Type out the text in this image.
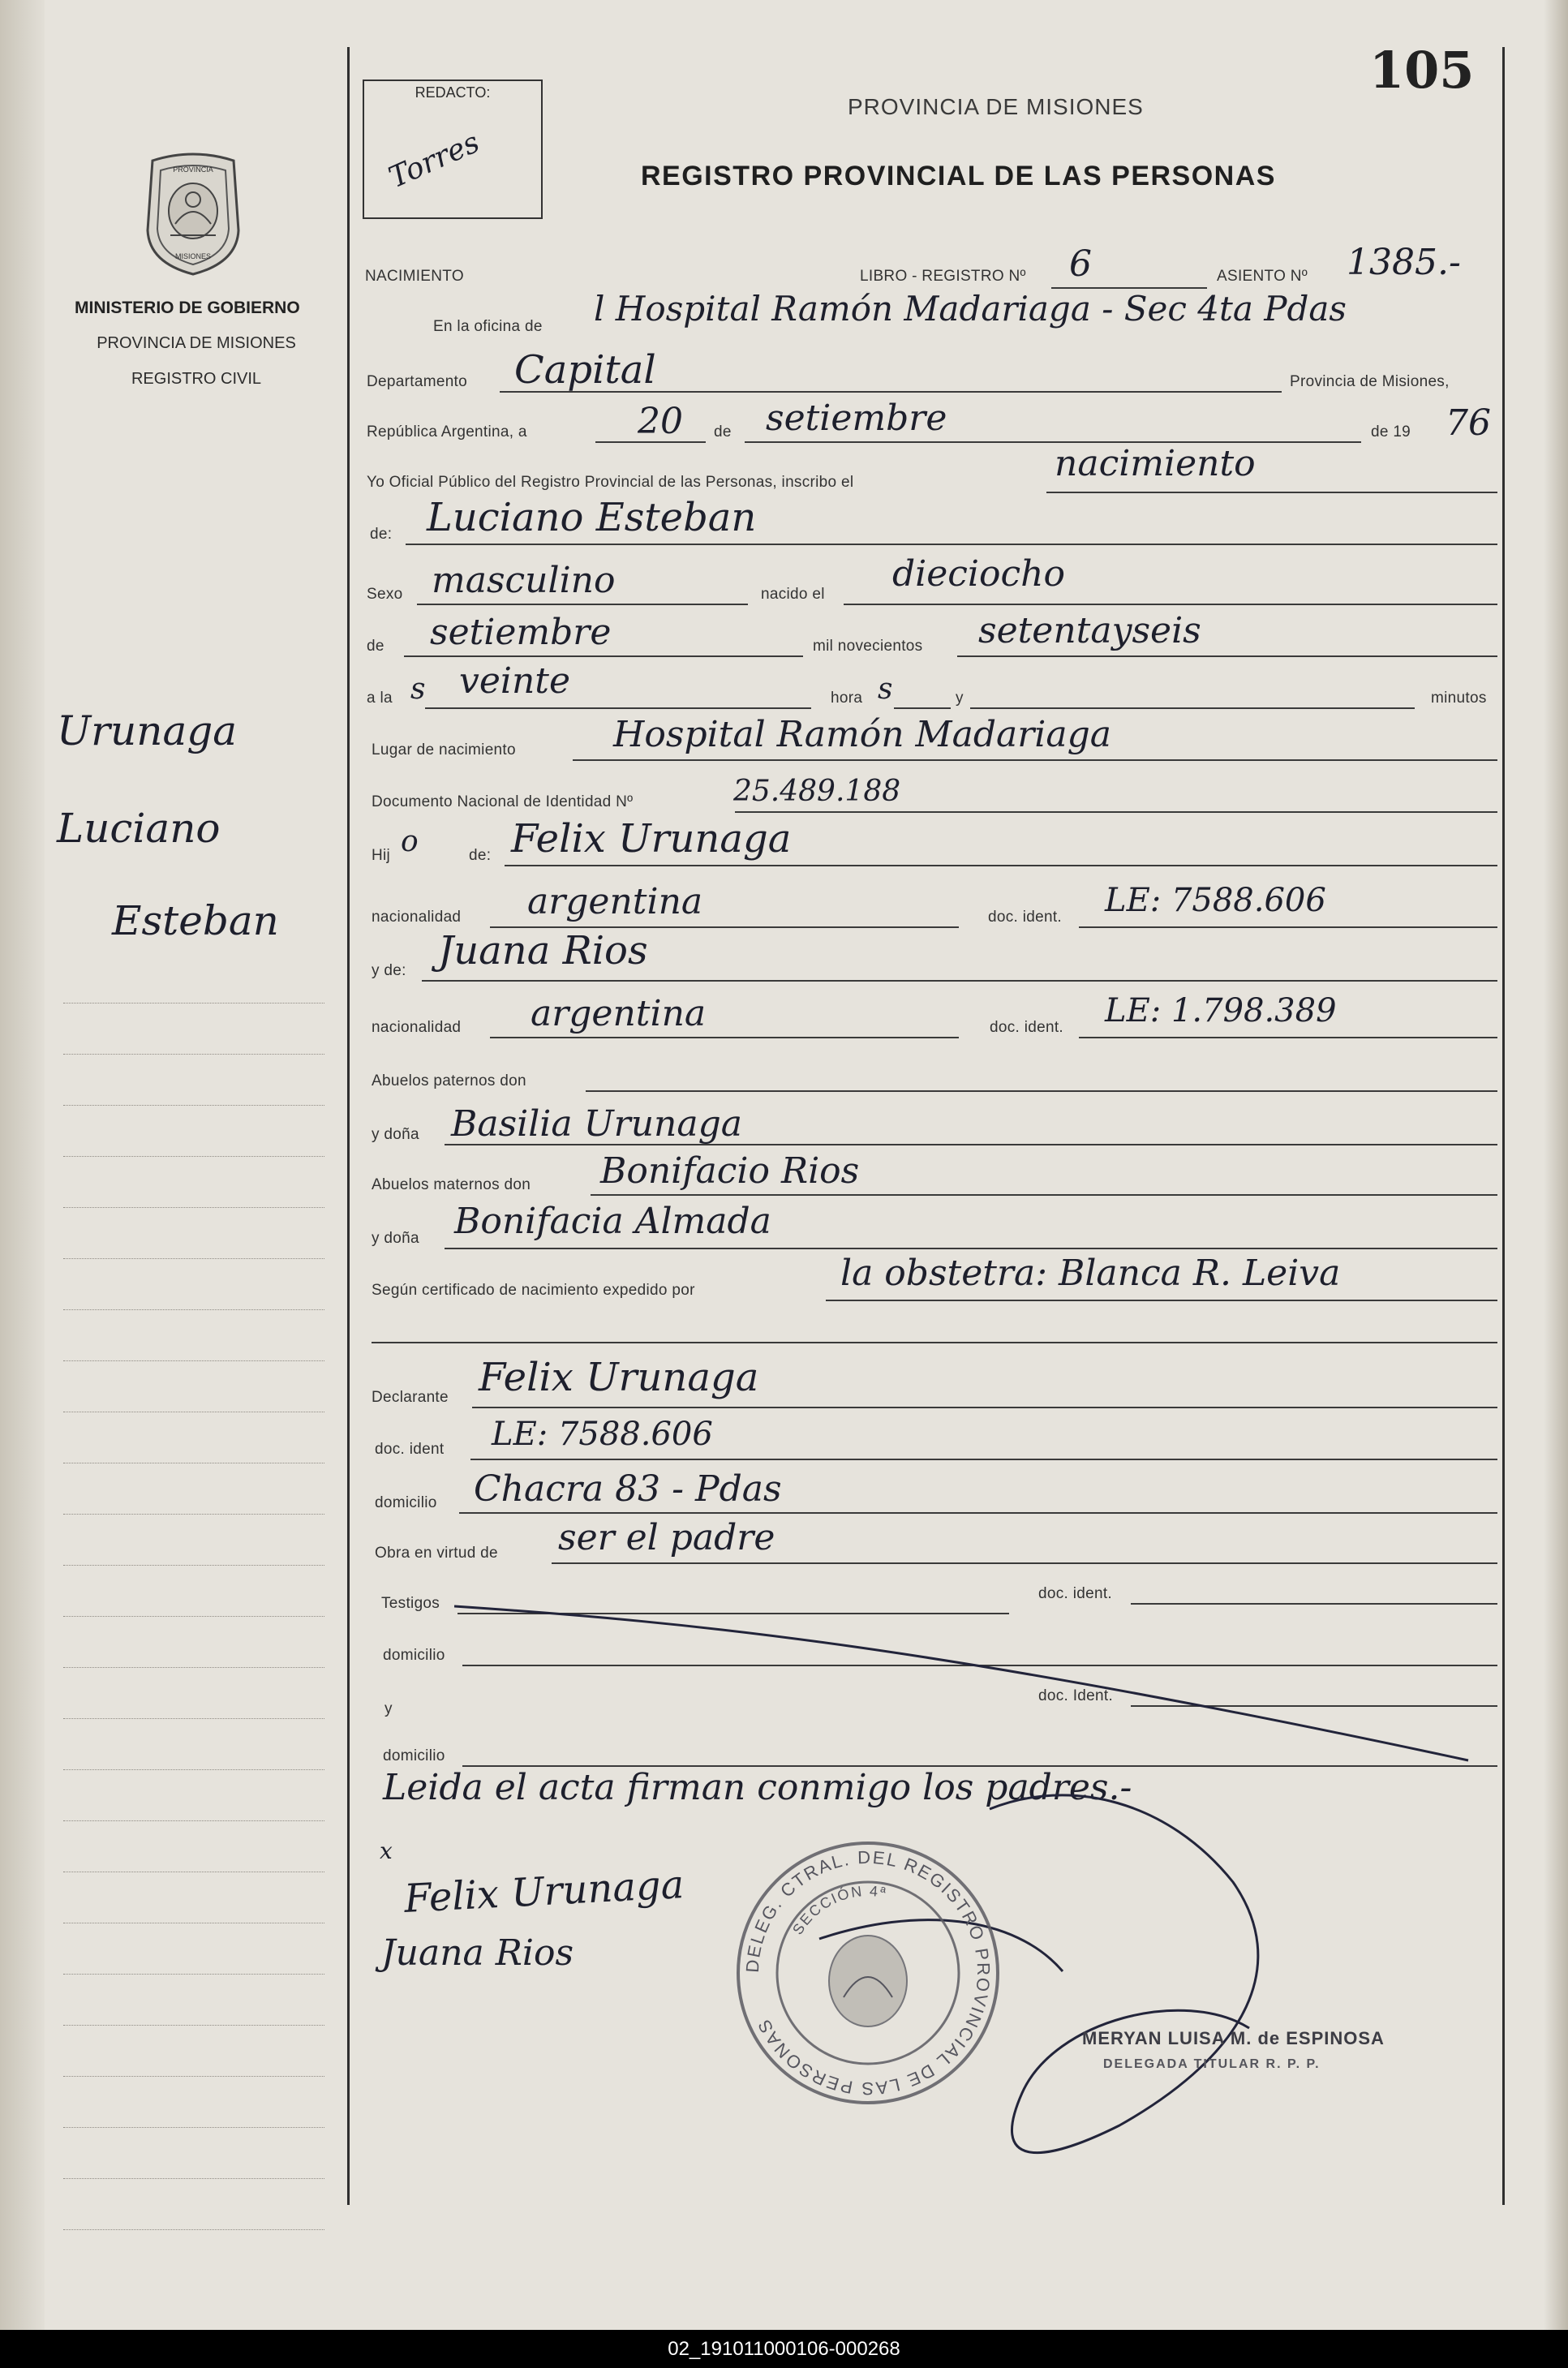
105
REDACTO:
Torres
PROVINCIA DE MISIONES
REGISTRO PROVINCIAL DE LAS PERSONAS
PROVINCIA
MISIONES
MINISTERIO DE GOBIERNO
PROVINCIA DE MISIONES
REGISTRO CIVIL
Urunaga
Luciano
Esteban
NACIMIENTO	LIBRO - REGISTRO Nº 6	ASIENTO Nº 1385.-
En la oficina de l Hospital Ramón Madariaga - Sec 4ta Pdas
Departamento Capital	Provincia de Misiones,
República Argentina, a	20 de setiembre	de 19 76
Yo Oficial Público del Registro Provincial de las Personas, inscribo el	nacimiento
de: Luciano Esteban
Sexo masculino	nacido el dieciocho
de setiembre	mil novecientos setentayseis
a la s veinte	hora s	y	minutos
Lugar de nacimiento	Hospital Ramón Madariaga
Documento Nacional de Identidad Nº	25.489.188
Hij o	de: Felix Urunaga
nacionalidad argentina	doc. ident. LE: 7588.606
y de: Juana Rios
nacionalidad argentina	doc. ident. LE: 1.798.389
Abuelos paternos don
y doña Basilia Urunaga
Abuelos maternos don Bonifacio Rios
y doña Bonifacia Almada
Según certificado de nacimiento expedido por	la obstetra: Blanca R. Leiva
Declarante Felix Urunaga
doc. ident LE: 7588.606
domicilio Chacra 83 - Pdas
Obra en virtud de ser el padre
Testigos
doc. ident.
domicilio
y
doc. Ident.
domicilio
Leida el acta firman conmigo los padres.-
x
Felix Urunaga
Juana Rios	DELEG. CTRAL. DEL REGISTRO PROVINCIAL DE LAS PERSONAS
SECCIÓN 4ª
MERYAN LUISA M. de ESPINOSA
DELEGADA TITULAR R. P. P.
02_191011000106-000268
